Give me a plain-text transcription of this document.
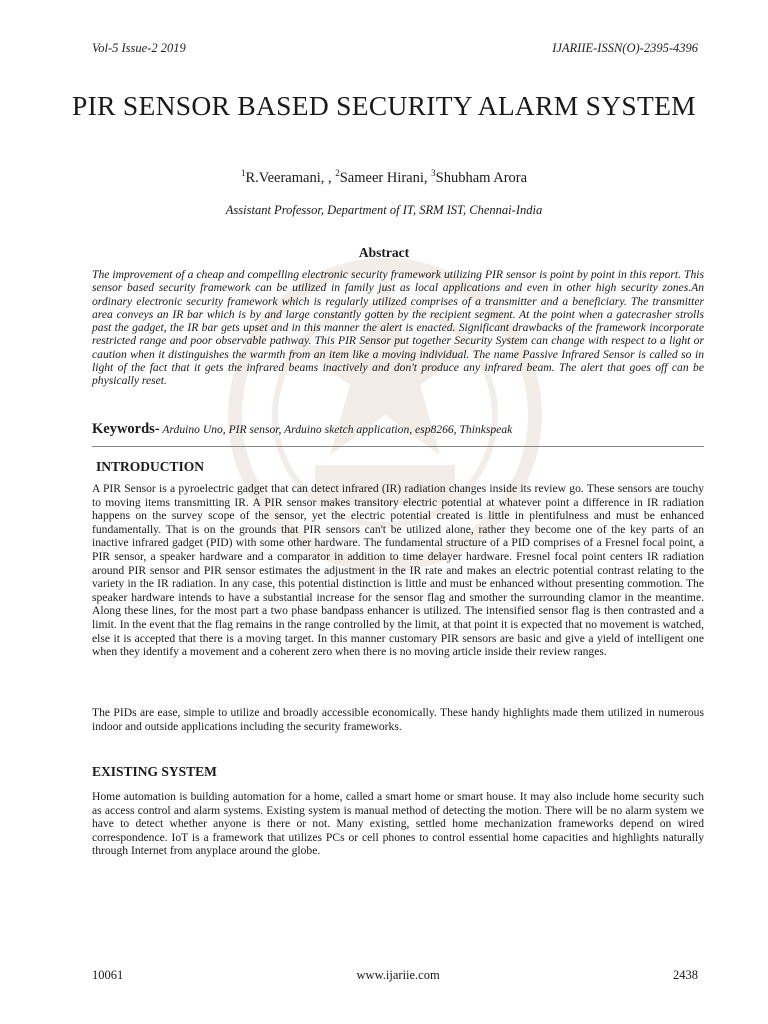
Vol-5 Issue-2 2019	IJARIIE-ISSN(O)-2395-4396
PIR SENSOR BASED SECURITY ALARM SYSTEM
$^1$R.Veeramani, , $^2$Sameer Hirani, $^3$Shubham Arora
Assistant Professor, Department of IT, SRM IST, Chennai-India
Abstract
The improvement of a cheap and compelling electronic security framework utilizing PIR sensor is point by point in this report. This sensor based security framework can be utilized in family just as local applications and even in other high security zones.An ordinary electronic security framework which is regularly utilized comprises of a transmitter and a beneficiary. The transmitter area conveys an IR bar which is by and large constantly gotten by the recipient segment. At the point when a gatecrasher strolls past the gadget, the IR bar gets upset and in this manner the alert is enacted. Significant drawbacks of the framework incorporate restricted range and poor observable pathway. This PIR Sensor put together Security System can change with respect to a light or caution when it distinguishes the warmth from an item like a moving individual. The name Passive Infrared Sensor is called so in light of the fact that it gets the infrared beams inactively and don't produce any infrared beam. The alert that goes off can be physically reset.
Keywords- Arduino Uno, PIR sensor, Arduino sketch application, esp8266, Thinkspeak
INTRODUCTION
A PIR Sensor is a pyroelectric gadget that can detect infrared (IR) radiation changes inside its review go. These sensors are touchy to moving items transmitting IR. A PIR sensor makes transitory electric potential at whatever point a difference in IR radiation happens on the survey scope of the sensor, yet the electric potential created is little in plentifulness and must be enhanced fundamentally. That is on the grounds that PIR sensors can't be utilized alone, rather they become one of the key parts of an inactive infrared gadget (PID) with some other hardware. The fundamental structure of a PID comprises of a Fresnel focal point, a PIR sensor, a speaker hardware and a comparator in addition to time delayer hardware. Fresnel focal point centers IR radiation around PIR sensor and PIR sensor estimates the adjustment in the IR rate and makes an electric potential contrast relating to the variety in the IR radiation. In any case, this potential distinction is little and must be enhanced without presenting commotion. The speaker hardware intends to have a substantial increase for the sensor flag and smother the surrounding clamor in the meantime. Along these lines, for the most part a two phase bandpass enhancer is utilized. The intensified sensor flag is then contrasted and a limit. In the event that the flag remains in the range controlled by the limit, at that point it is expected that no movement is watched, else it is accepted that there is a moving target. In this manner customary PIR sensors are basic and give a yield of intelligent one when they identify a movement and a coherent zero when there is no moving article inside their review ranges.
The PIDs are ease, simple to utilize and broadly accessible economically. These handy highlights made them utilized in numerous indoor and outside applications including the security frameworks.
EXISTING SYSTEM
Home automation is building automation for a home, called a smart home or smart house. It may also include home security such as access control and alarm systems. Existing system is manual method of detecting the motion. There will be no alarm system we have to detect whether anyone is there or not. Many existing, settled home mechanization frameworks depend on wired correspondence. IoT is a framework that utilizes PCs or cell phones to control essential home capacities and highlights naturally through Internet from anyplace around the globe.
10061	www.ijariie.com	2438
